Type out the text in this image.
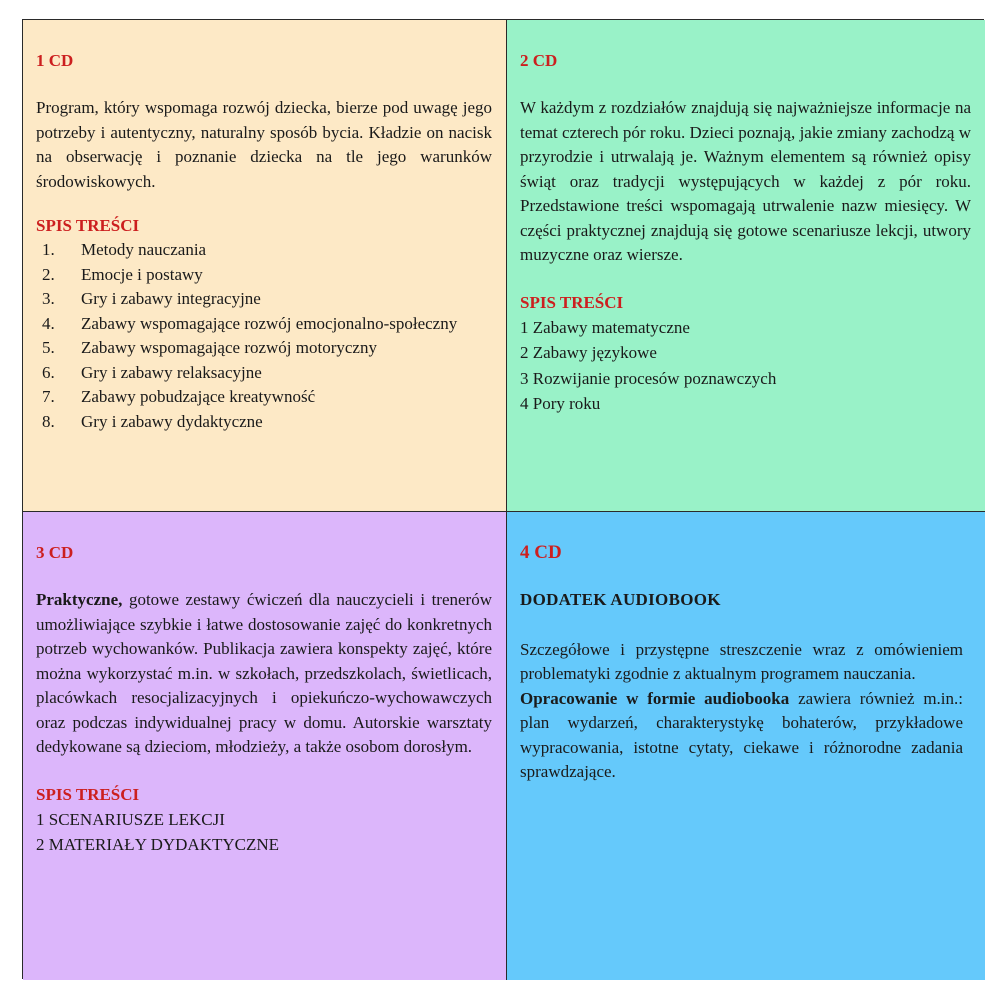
1 CD

Program, który wspomaga rozwój dziecka, bierze pod uwagę jego potrzeby i autentyczny, naturalny sposób bycia. Kładzie on nacisk na obserwację i poznanie dziecka na tle jego warunków środowiskowych.

SPIS TREŚCI
1.	Metody nauczania
2.	Emocje i postawy
3.	Gry i zabawy integracyjne
4.	Zabawy wspomagające rozwój emocjonalno-społeczny
5.	Zabawy wspomagające rozwój motoryczny
6.	Gry i zabawy relaksacyjne
7.	Zabawy pobudzające kreatywność
8.	Gry i zabawy dydaktyczne
2 CD

W każdym z rozdziałów znajdują się najważniejsze informacje na temat czterech pór roku. Dzieci poznają, jakie zmiany zachodzą w przyrodzie i utrwalają je. Ważnym elementem są również opisy świąt oraz tradycji występujących w każdej z pór roku. Przedstawione treści wspomagają utrwalenie nazw miesięcy. W części praktycznej znajdują się gotowe scenariusze lekcji, utwory muzyczne oraz wiersze.

SPIS TREŚCI
1 Zabawy matematyczne
2 Zabawy językowe
3 Rozwijanie procesów poznawczych
4 Pory roku
3 CD

Praktyczne, gotowe zestawy ćwiczeń dla nauczycieli i trenerów umożliwiające szybkie i łatwe dostosowanie zajęć do konkretnych potrzeb wychowanków. Publikacja zawiera konspekty zajęć, które można wykorzystać m.in. w szkołach, przedszkolach, świetlicach, placówkach resocjalizacyjnych i opiekuńczo-wychowawczych oraz podczas indywidualnej pracy w domu. Autorskie warsztaty dedykowane są dzieciom, młodzieży, a także osobom dorosłym.

SPIS TREŚCI
1 SCENARIUSZE LEKCJI
2 MATERIAŁY DYDAKTYCZNE
4 CD
DODATEK AUDIOBOOK

Szczegółowe i przystępne streszczenie wraz z omówieniem problematyki zgodnie z aktualnym programem nauczania.

Opracowanie w formie audiobooka zawiera również m.in.: plan wydarzeń, charakterystykę bohaterów, przykładowe wypracowania, istotne cytaty, ciekawe i różnorodne zadania sprawdzające.
